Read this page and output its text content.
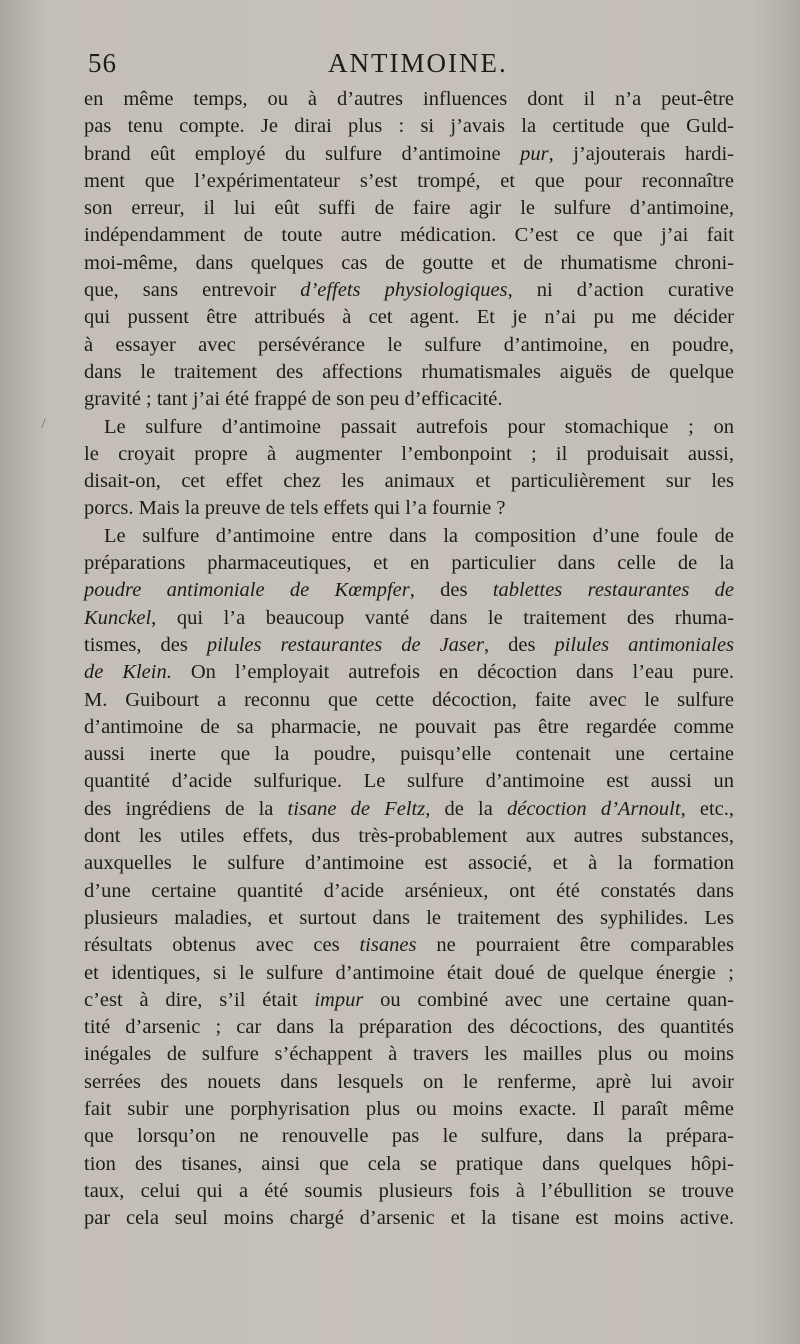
56	ANTIMOINE.
\
en même temps, ou à d’autres influences dont il n’a peut-être
pas tenu compte. Je dirai plus : si j’avais la certitude que Guld-
brand eût employé du sulfure d’antimoine pur, j’ajouterais hardi-
ment que l’expérimentateur s’est trompé, et que pour reconnaître
son erreur, il lui eût suffi de faire agir le sulfure d’antimoine,
indépendamment de toute autre médication. C’est ce que j’ai fait
moi-même, dans quelques cas de goutte et de rhumatisme chroni-
que, sans entrevoir d’effets physiologiques, ni d’action curative
qui pussent être attribués à cet agent. Et je n’ai pu me décider
à essayer avec persévérance le sulfure d’antimoine, en poudre,
dans le traitement des affections rhumatismales aiguës de quelque
gravité ; tant j’ai été frappé de son peu d’efficacité.
Le sulfure d’antimoine passait autrefois pour stomachique ; on
le croyait propre à augmenter l’embonpoint ; il produisait aussi,
disait-on, cet effet chez les animaux et particulièrement sur les
porcs. Mais la preuve de tels effets qui l’a fournie ?
Le sulfure d’antimoine entre dans la composition d’une foule de
préparations pharmaceutiques, et en particulier dans celle de la
poudre antimoniale de Kœmpfer, des tablettes restaurantes de
Kunckel, qui l’a beaucoup vanté dans le traitement des rhuma-
tismes, des pilules restaurantes de Jaser, des pilules antimoniales
de Klein. On l’employait autrefois en décoction dans l’eau pure.
M. Guibourt a reconnu que cette décoction, faite avec le sulfure
d’antimoine de sa pharmacie, ne pouvait pas être regardée comme
aussi inerte que la poudre, puisqu’elle contenait une certaine
quantité d’acide sulfurique. Le sulfure d’antimoine est aussi un
des ingrédiens de la tisane de Feltz, de la décoction d’Arnoult, etc.,
dont les utiles effets, dus très-probablement aux autres substances,
auxquelles le sulfure d’antimoine est associé, et à la formation
d’une certaine quantité d’acide arsénieux, ont été constatés dans
plusieurs maladies, et surtout dans le traitement des syphilides. Les
résultats obtenus avec ces tisanes ne pourraient être comparables
et identiques, si le sulfure d’antimoine était doué de quelque énergie ;
c’est à dire, s’il était impur ou combiné avec une certaine quan-
tité d’arsenic ; car dans la préparation des décoctions, des quantités
inégales de sulfure s’échappent à travers les mailles plus ou moins
serrées des nouets dans lesquels on le renferme, aprè lui avoir
fait subir une porphyrisation plus ou moins exacte. Il paraît même
que lorsqu’on ne renouvelle pas le sulfure, dans la prépara-
tion des tisanes, ainsi que cela se pratique dans quelques hôpi-
taux, celui qui a été soumis plusieurs fois à l’ébullition se trouve
par cela seul moins chargé d’arsenic et la tisane est moins active.
